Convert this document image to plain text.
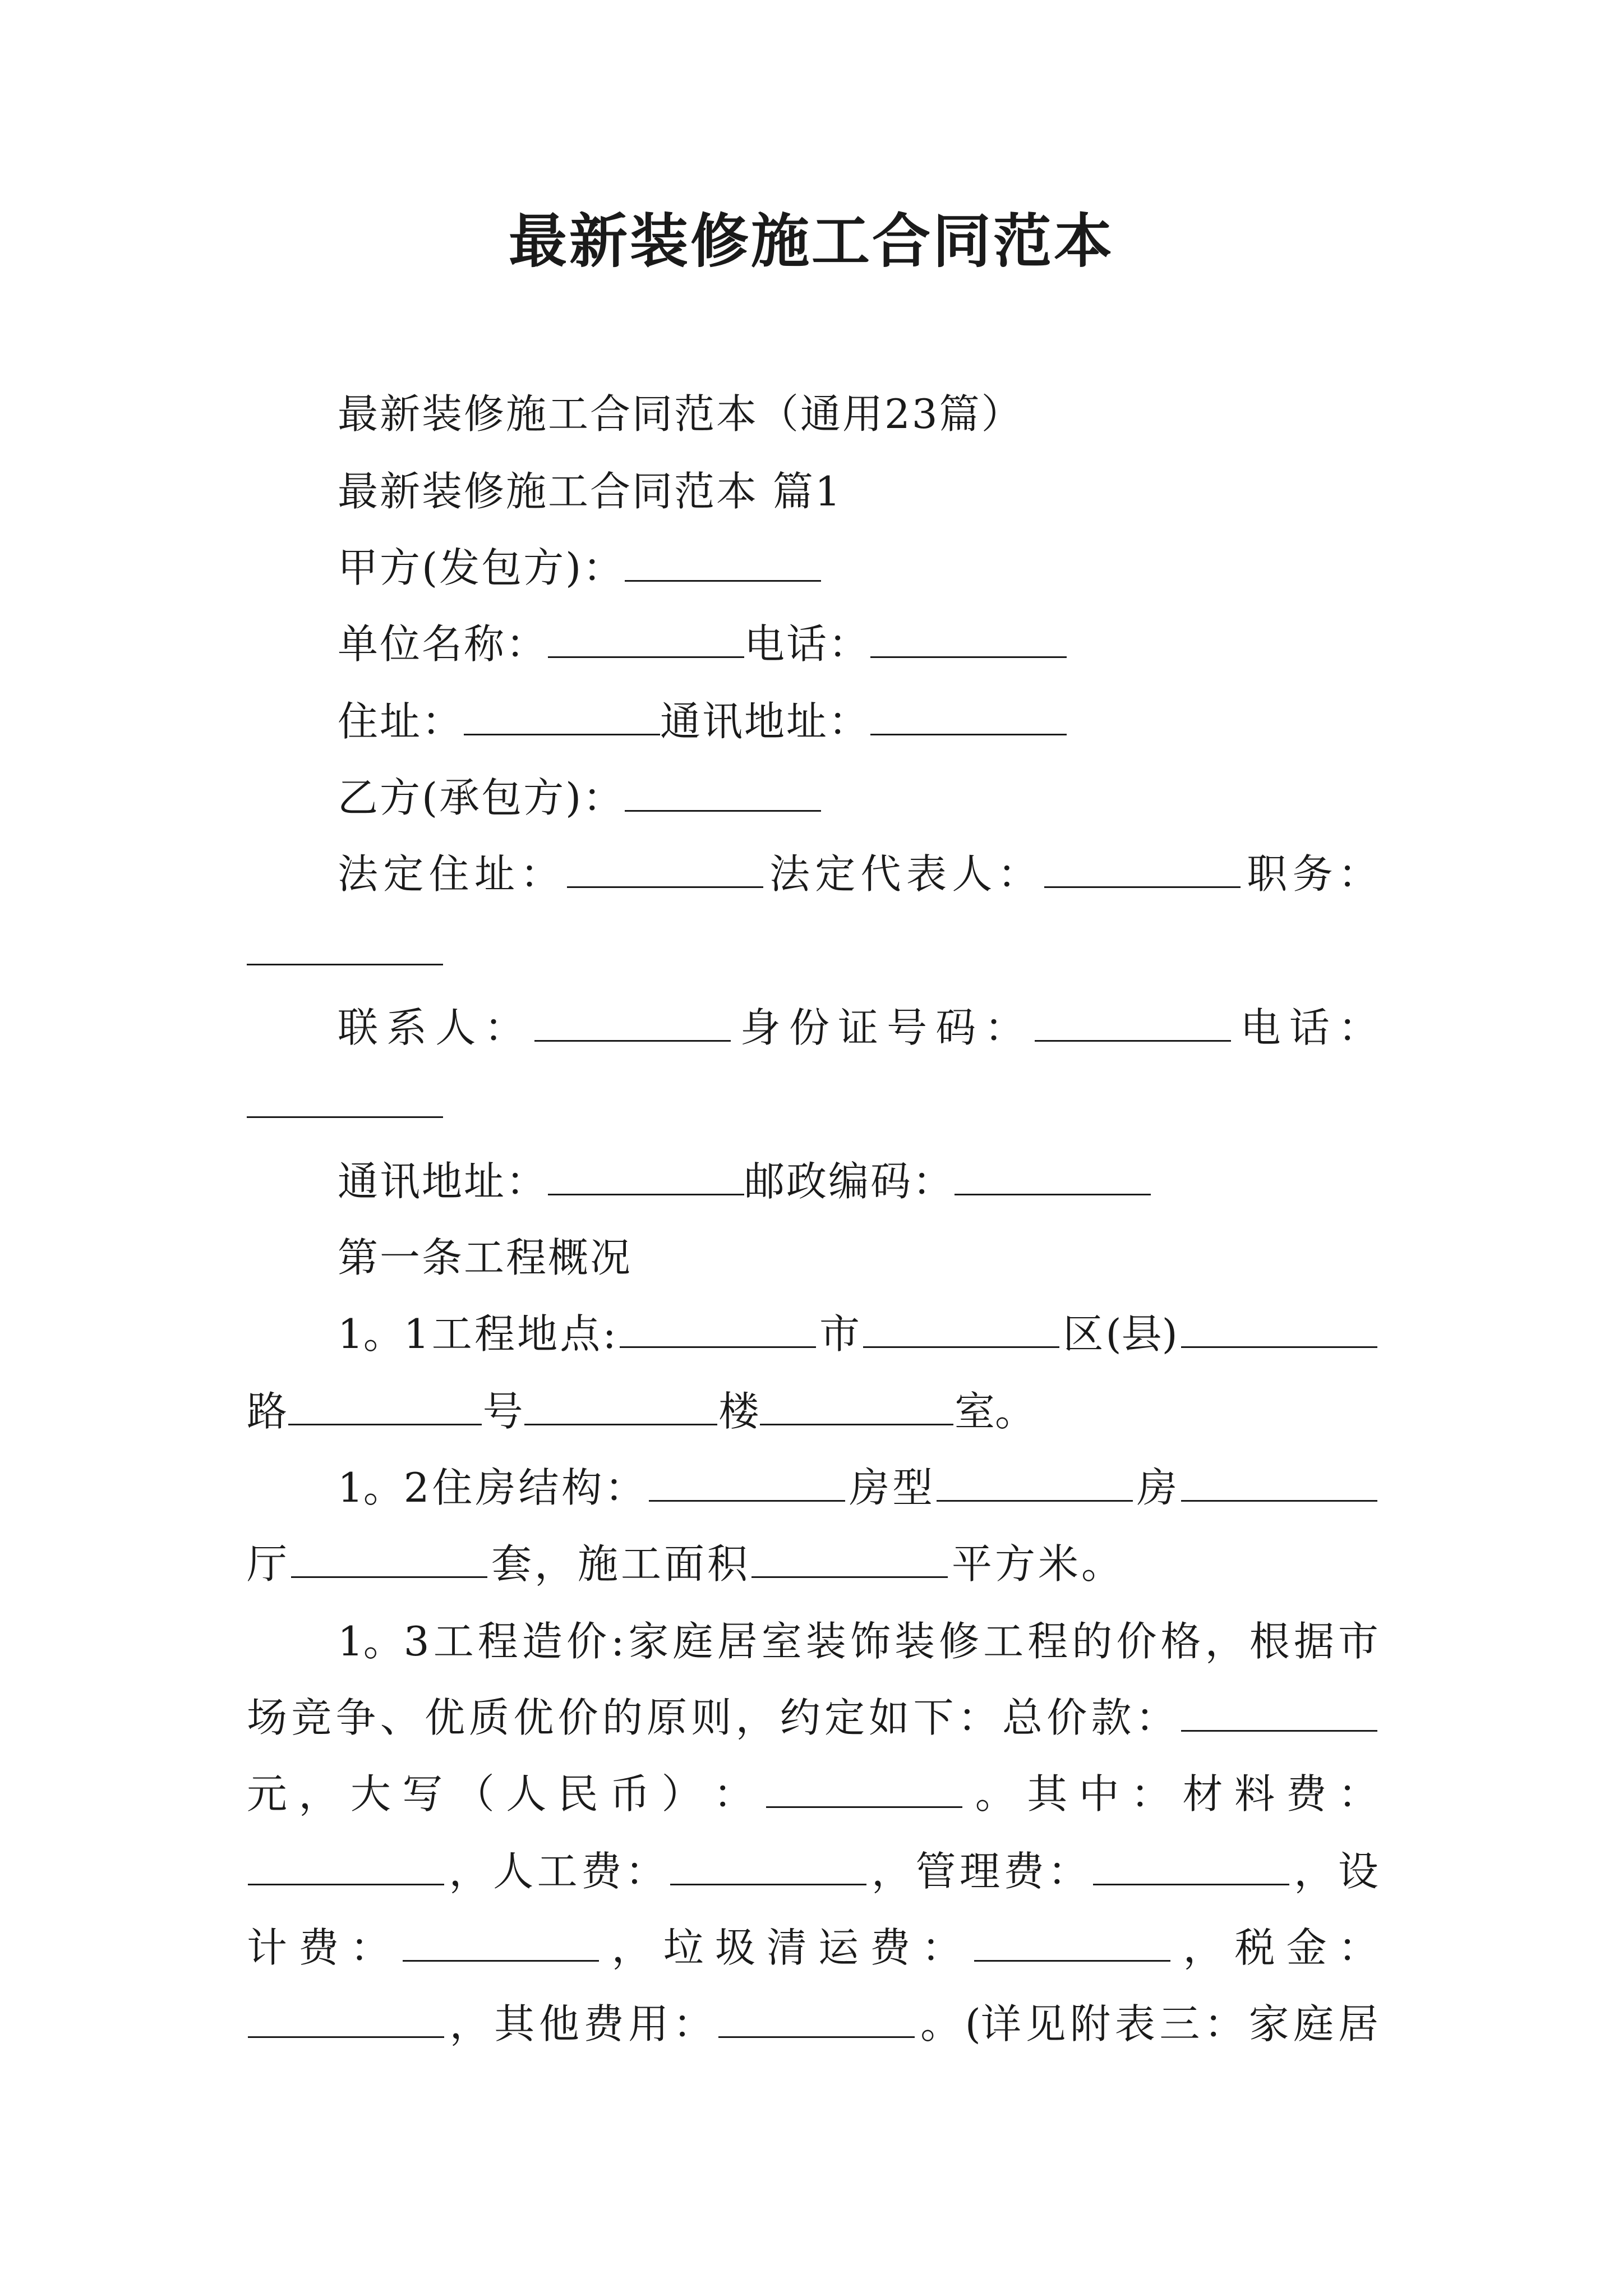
最新装修施工合同范本
最新装修施工合同范本（通用23篇）
最新装修施工合同范本 篇1
甲方(发包方)：
单位名称：	电话：
住址：	通讯地址：
乙方(承包方)：
法 定 住 址 ：	法 定 代 表 人 ：	职 务 ：
联 系 人 ：	身 份 证 号 码 ：	电 话 ：
通讯地址：	邮政编码：
第一条工程概况
1。1 工 程 地 点 :	市	区 (县)
路	号	楼	室 。
1。2 住 房 结 构 ：	房 型	房
厅	套 ， 施 工 面 积	平 方 米 。
1。3 工 程 造 价 : 家 庭 居 室 装 饰 装 修 工 程 的 价 格 ， 根 据 市
场 竞 争 、 优 质 优 价 的 原 则 ， 约 定 如 下 ： 总 价 款 ：
元 ， 大 写 （ 人 民 币 ） ：	。 其 中 ： 材 料 费 ：
， 人 工 费 ：	， 管 理 费 ：	， 设
计 费 ：	， 垃 圾 清 运 费 ：	， 税 金 ：
， 其 他 费 用 ：	。 (详 见 附 表 三 ： 家 庭 居
